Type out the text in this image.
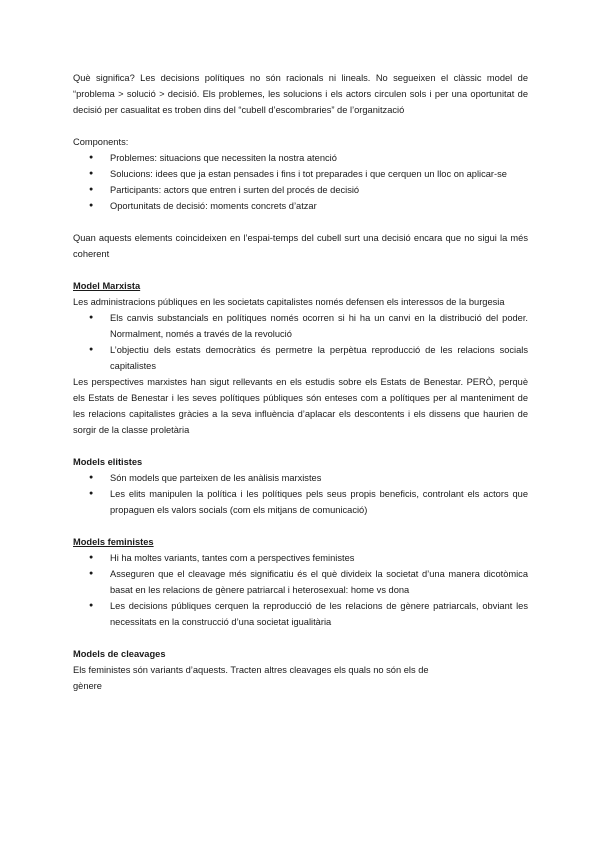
Què significa? Les decisions polítiques no són racionals ni lineals. No segueixen el clàssic model de “problema > solució > decisió. Els problemes, les solucions i els actors circulen sols i per una oportunitat de decisió per casualitat es troben dins del “cubell d’escombraries” de l’organització

Components:

● Problemes: situacions que necessiten la nostra atenció
● Solucions: idees que ja estan pensades i fins i tot preparades i que cerquen un lloc on aplicar-se
● Participants: actors que entren i surten del procés de decisió
● Oportunitats de decisió: moments concrets d’atzar

Quan aquests elements coincideixen en l’espai-temps del cubell surt una decisió encara que no sigui la més coherent

Model Marxista

Les administracions públiques en les societats capitalistes només defensen els interessos de la burgesia

● Els canvis substancials en polítiques només ocorren si hi ha un canvi en la distribució del poder. Normalment, només a través de la revolució
● L’objectiu dels estats democràtics és permetre la perpètua reproducció de les relacions socials capitalistes

Les perspectives marxistes han sigut rellevants en els estudis sobre els Estats de Benestar. PERÒ, perquè els Estats de Benestar i les seves polítiques públiques són enteses com a polítiques per al manteniment de les relacions capitalistes gràcies a la seva influència d’aplacar els descontents i els dissens que haurien de sorgir de la classe proletària

Models elitistes
● Són models que parteixen de les anàlisis marxistes
● Les elits manipulen la política i les polítiques pels seus propis beneficis, controlant els actors que propaguen els valors socials (com els mitjans de comunicació)
Models feministes
● Hi ha moltes variants, tantes com a perspectives feministes
● Asseguren que el cleavage més significatiu és el què divideix la societat d’una manera dicotòmica basat en les relacions de gènere patriarcal i heterosexual: home vs dona
● Les decisions públiques cerquen la reproducció de les relacions de gènere patriarcals, obviant les necessitats en la construcció d’una societat igualitària
Models de cleavages

Els feministes són variants d’aquests. Tracten altres cleavages els quals no són els de

gènere
